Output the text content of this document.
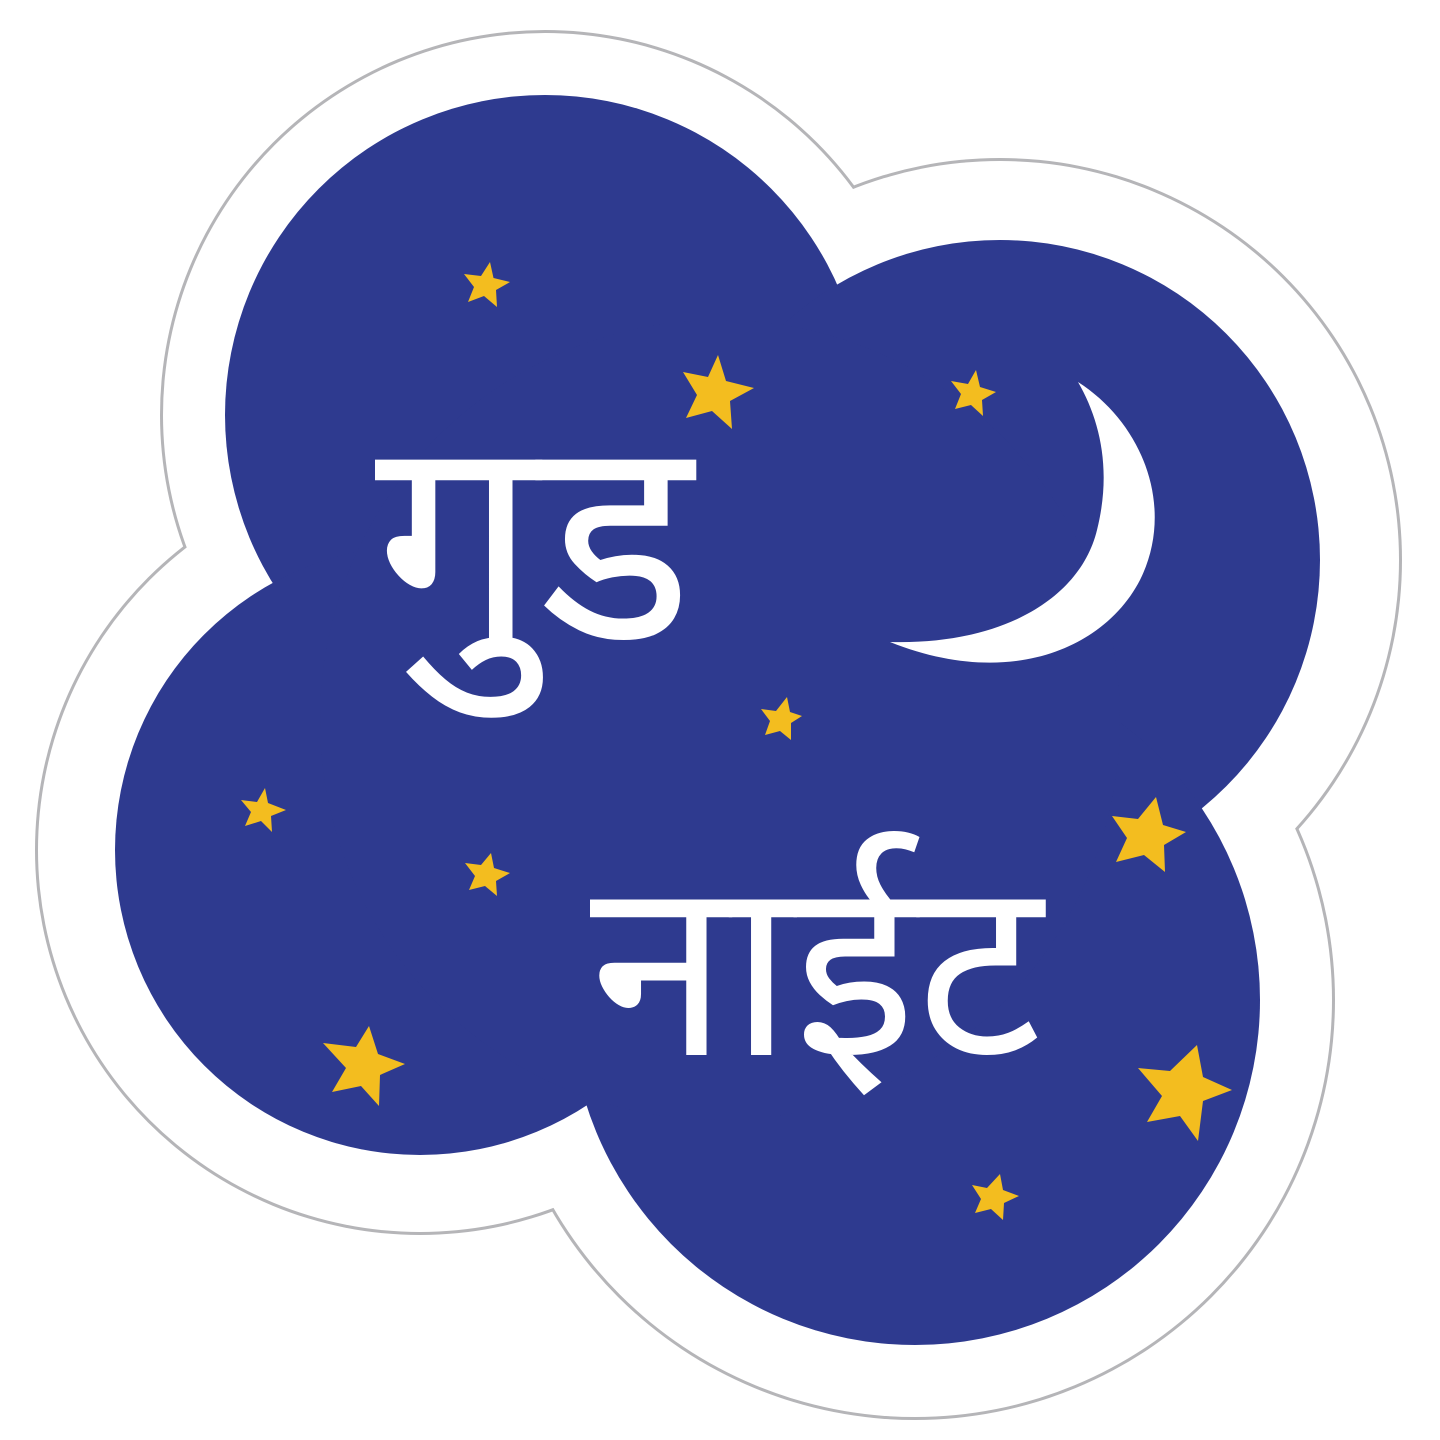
गुड
नाईट
